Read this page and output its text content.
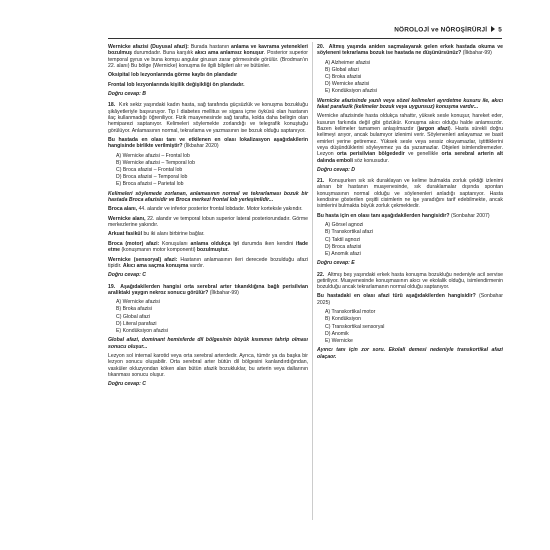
NÖROLOJİ ve NÖROŞİRÜRJİ 5

Wernicke afazisi (Duyusal afazi): Burada hastanın anlama ve kavrama yetenekleri bozulmuş durumdadır. Buna karşılık akıcı ama anlamsız konuşur. Posterior superior temporal gyrus ve buna komşu angular girusun zarar görmesinde görülür. (Brodman'ın 22. alanı) Bu bölge (Wernicke) konuşma ile ilgili bilgileri alır ve bütünler.

Oksipital lob lezyonlarında görme kaybı ön plandadır

Frontal lob lezyonlarında kişilik değişikliği ön plandadır.

Doğru cevap: B

18. Kırk sekiz yaşındaki kadın hasta, sağ tarafında güçsüzlük ve konuşma bozukluğu şikâyetleriyle başvuruyor. Tip I diabetes mellitus ve sigara içme öyküsü olan hastanın ilaç kullanmadığı öğreniliyor. Fizik muayenesinde sağ tarafta, kolda daha belirgin olan hemiparezi saptanıyor. Kelimeleri söylemekte zorlandığı ve telegrafik konuştuğu görülüyor. Anlamasının normal, tekrarlama ve yazmasının ise bozuk olduğu saptanıyor.

Bu hastada en olası tanı ve etkilenen en olası lokalizasyon aşağıdakilerin hangisinde birlikte verilmiştir? (İlkbahar 2020)

A) Wernicke afazisi – Frontal lob
B) Wernicke afazisi – Temporal lob
C) Broca afazisi – Frontal lob
D) Broca afazisi – Temporal lob
E) Broca afazisi – Parietal lob

Kelimeleri söylemede zorlanan, anlamasının normal ve tekrarlaması bozuk bir hastada Broca afazisidir ve Broca merkezi frontal lob yerleşimlidir...

Broca alanı, 44. alandır ve inferior posterior frontal lobdadır. Motor korteksle yakındır.

Wernicke alanı, 22. alandır ve temporal lobun superior lateral posteriorundadır. Görme merkezlerine yakındır.

Arkuat fasikül bu iki alanı birbirine bağlar.

Broca (motor) afazi: Konuşulanı anlama oldukça iyi durumda iken kendini ifade etme (konuşmanın motor komponenti) bozulmuştur.

Wernicke (sensoryal) afazi: Hastanın anlamasının ileri derecede bozulduğu afazi tipidir. Akıcı ama saçma konuşma vardır.

Doğru cevap: C

19. Aşağıdakilerden hangisi orta serebral arter tıkanıklığına bağlı perisilvian araliktaki yaygın nekroz sonucu görülür? (İlkbahar-99)

A) Wernicke afazisi
B) Broka afazisi
C) Global afazi
D) Literal parafazi
E) Kondüksiyon afazisi

Global afazi, dominant hemisferde dil bölgesinin büyük kısmının tahrip olması sonucu oluşur...

Lezyon sol internal karotid veya orta serebral arterdedir. Ayrıca, tümör ya da başka bir lezyon sonucu oluşabilir. Orta serebral arter bütün dil bölgesini kanlandırdığından, vasküler okluzyondan köken alan bütün afazik bozukluklar, bu arterin veya dallarının tıkanması sonucu oluşur.

Doğru cevap: C

20. Altmış yaşında aniden saçmalayarak gelen erkek hastada okuma ve söyleneni tekrarlama bozuk ise hastada ne düşünürsünüz? (İlkbahar-99)

A) Alzheimer afazisi
B) Global afazi
C) Broka afazisi
D) Wernicke afazisi
E) Kondüksiyon afazisi

Wernicke afazisinde yazılı veya sözel kelimeleri ayırdetme kusuru ile, akıcı fakat parafazik (kelimeler bozuk veya uygunsuz) konuşma vardır...

Wernicke afazisinde hasta oldukça rahattır, yüksek sesle konuşur, hareket eder, kusurun farkında değil gibi gözükür. Konuşma akıcı olduğu halde anlamsızdır. Bazen kelimeler tamamen anlaşılmazdır (jargon afazi). Hasta sürekli doğru kelimeyi arıyor, ancak bulamıyor izlenimi verir. Söylenenleri anlayamaz ve basit emirleri yerine getiremez. Yüksek sesle veya sessiz okuyamazlar, iştittiklerini veya düşündüklerini söyleyemez ya da yazamazlar. Objeleri isimlendiremezler. Lezyon orta perisilvian bölgededir ve genellikle orta serebral arterin alt dalında emboli söz konusudur.

Doğru cevap: D

21. Konuşurken sık sık duraklayan ve kelime bulmakta zorluk çektiği izlenimi alınan bir hastanın muayenesinde, sık duraklamalar dışında spontan konuşmasının normal olduğu ve söylenenleri anladığı saptanıyor. Hasta kendisine gösterilen çeşitli cisimlerin ne işe yaradığını tarif edebilmekte, ancak isimlerini bulmakta büyük zorluk çekmektedir.

Bu hasta için en olası tanı aşağıdakilerden hangisidir? (Sonbahar 2007)

A) Görsel agnozi
B) Transkortikal afazi
C) Taktil agnozi
D) Broca afazisi
E) Anomik afazi

Doğru cevap: E

22. Altmış beş yaşındaki erkek hasta konuşma bozukluğu nedeniyle acil servise getiriliyor. Muayenesinde konuşmasının akıcı ve ekolalik olduğu, isimlendirmenin bozulduğu ancak tekrarlamanın normal olduğu saptanıyor.

Bu hastadaki en olası afazi türü aşağıdakilerden hangisidir? (Sonbahar 2025)

A) Transkortikal motor
B) Kondüksiyon
C) Transkortikal sensoryal
D) Anomik
E) Wernicke

Ayırıcı tanı için zor soru. Ekolali demesi nedeniyle transkortikal afazi olaçaor.
